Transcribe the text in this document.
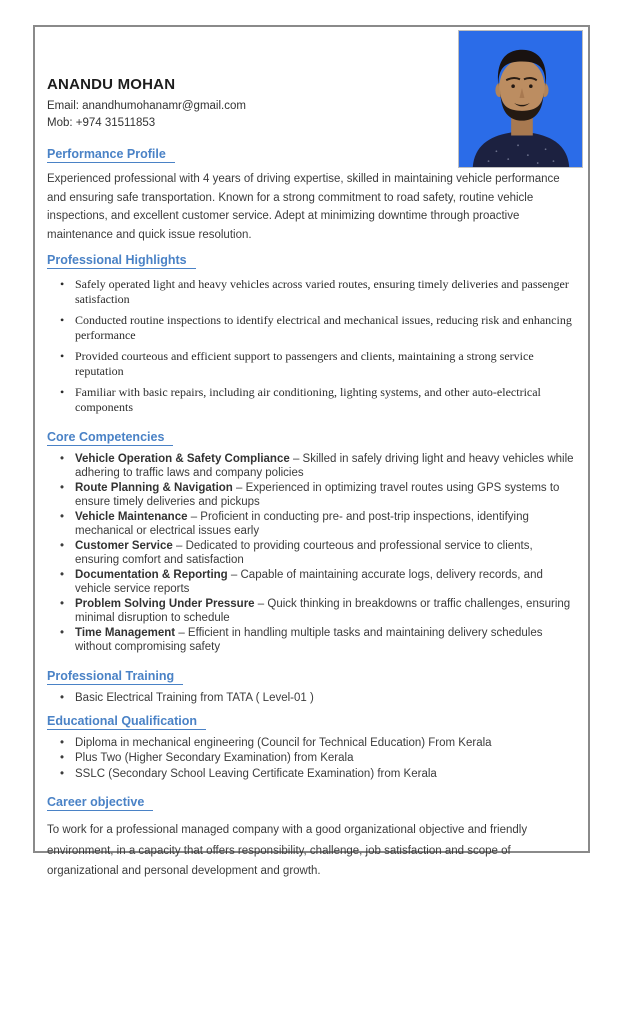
ANANDU MOHAN
Email: anandhumohanamr@gmail.com
Mob: +974 31511853
Performance Profile

Experienced professional with 4 years of driving expertise, skilled in maintaining vehicle performance and ensuring safe transportation. Known for a strong commitment to road safety, routine vehicle inspections, and excellent customer service. Adept at minimizing downtime through proactive maintenance and quick issue resolution.

Professional Highlights
• Safely operated light and heavy vehicles across varied routes, ensuring timely deliveries and passenger satisfaction
• Conducted routine inspections to identify electrical and mechanical issues, reducing risk and enhancing performance
• Provided courteous and efficient support to passengers and clients, maintaining a strong service reputation
• Familiar with basic repairs, including air conditioning, lighting systems, and other auto-electrical components
Core Competencies
• Vehicle Operation & Safety Compliance – Skilled in safely driving light and heavy vehicles while adhering to traffic laws and company policies
• Route Planning & Navigation – Experienced in optimizing travel routes using GPS systems to ensure timely deliveries and pickups
• Vehicle Maintenance – Proficient in conducting pre- and post-trip inspections, identifying mechanical or electrical issues early
• Customer Service – Dedicated to providing courteous and professional service to clients, ensuring comfort and satisfaction
• Documentation & Reporting – Capable of maintaining accurate logs, delivery records, and vehicle service reports
• Problem Solving Under Pressure – Quick thinking in breakdowns or traffic challenges, ensuring minimal disruption to schedule
• Time Management – Efficient in handling multiple tasks and maintaining delivery schedules without compromising safety
Professional Training
• Basic Electrical Training from TATA ( Level-01 )
Educational Qualification
• Diploma in mechanical engineering (Council for Technical Education) From Kerala
• Plus Two (Higher Secondary Examination) from Kerala
• SSLC (Secondary School Leaving Certificate Examination) from Kerala
Career objective

To work for a professional managed company with a good organizational objective and friendly environment, in a capacity that offers responsibility, challenge, job satisfaction and scope of organizational and personal development and growth.
